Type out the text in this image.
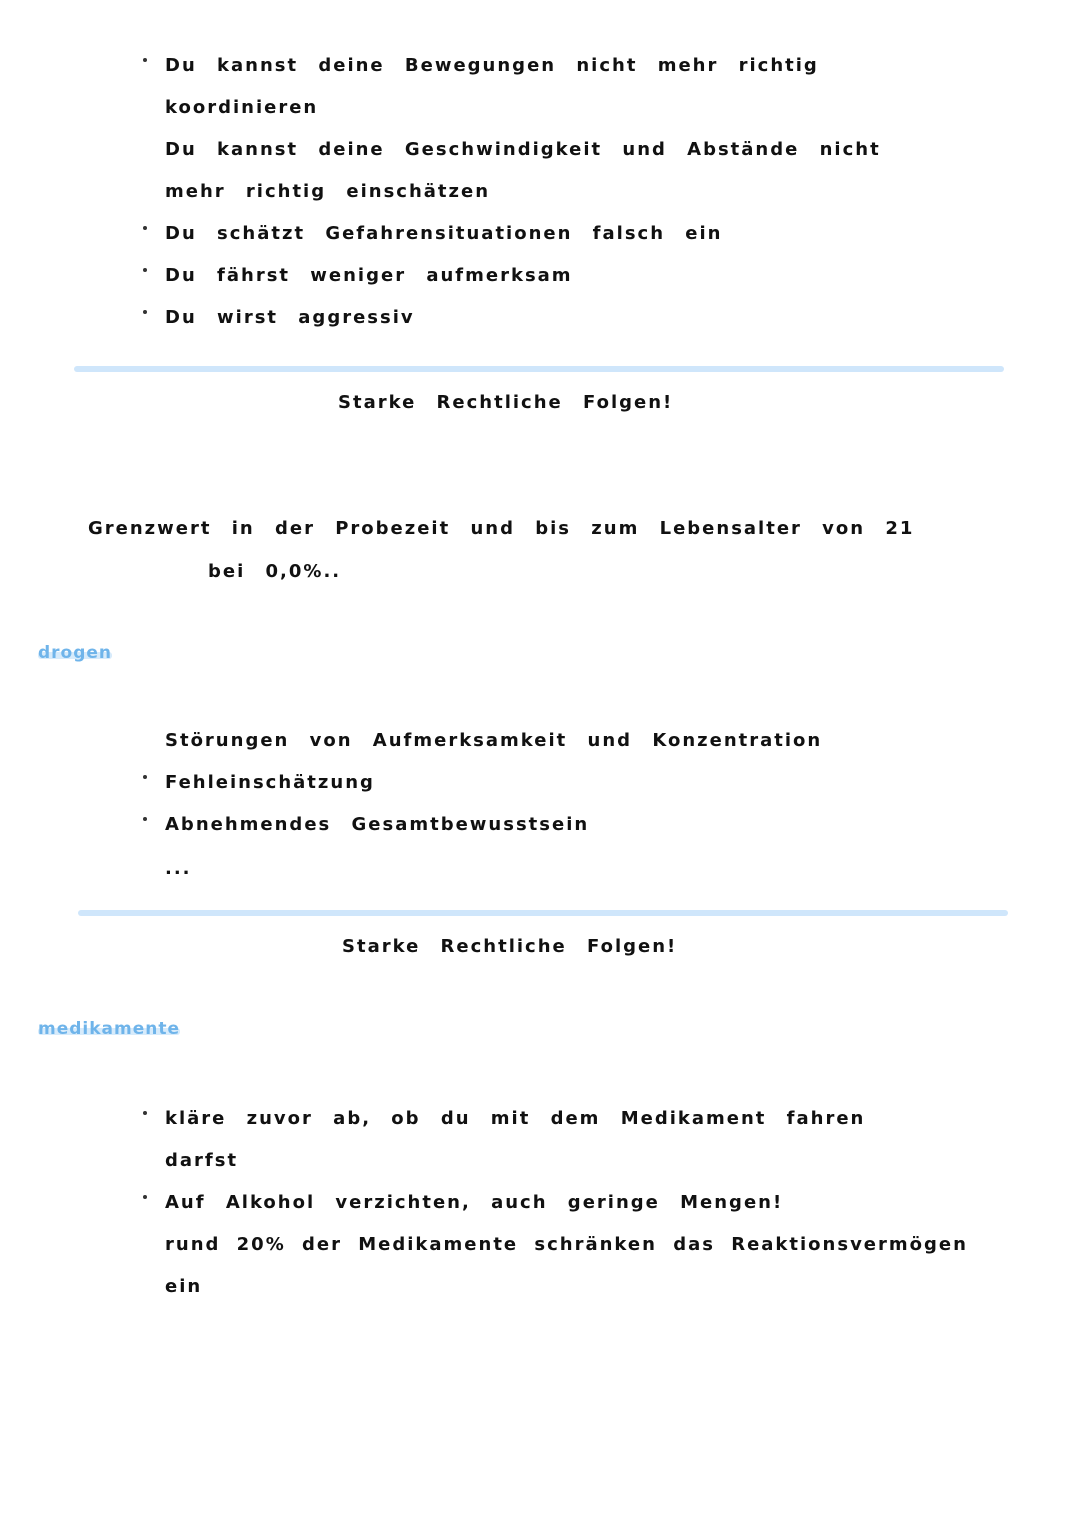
Du kannst deine Bewegungen nicht mehr richtig
koordinieren
Du kannst deine Geschwindigkeit und Abstände nicht
mehr richtig einschätzen
Du schätzt Gefahrensituationen falsch ein
Du fährst weniger aufmerksam
Du wirst aggressiv
Starke Rechtliche Folgen!
Grenzwert in der Probezeit und bis zum Lebensalter von 21
bei 0,0%..
drogen
Störungen von Aufmerksamkeit und Konzentration
Fehleinschätzung
Abnehmendes Gesamtbewusstsein
...
Starke Rechtliche Folgen!
medikamente
kläre zuvor ab, ob du mit dem Medikament fahren
darfst
Auf Alkohol verzichten, auch geringe Mengen!
rund 20% der Medikamente schränken das Reaktionsvermögen
ein
